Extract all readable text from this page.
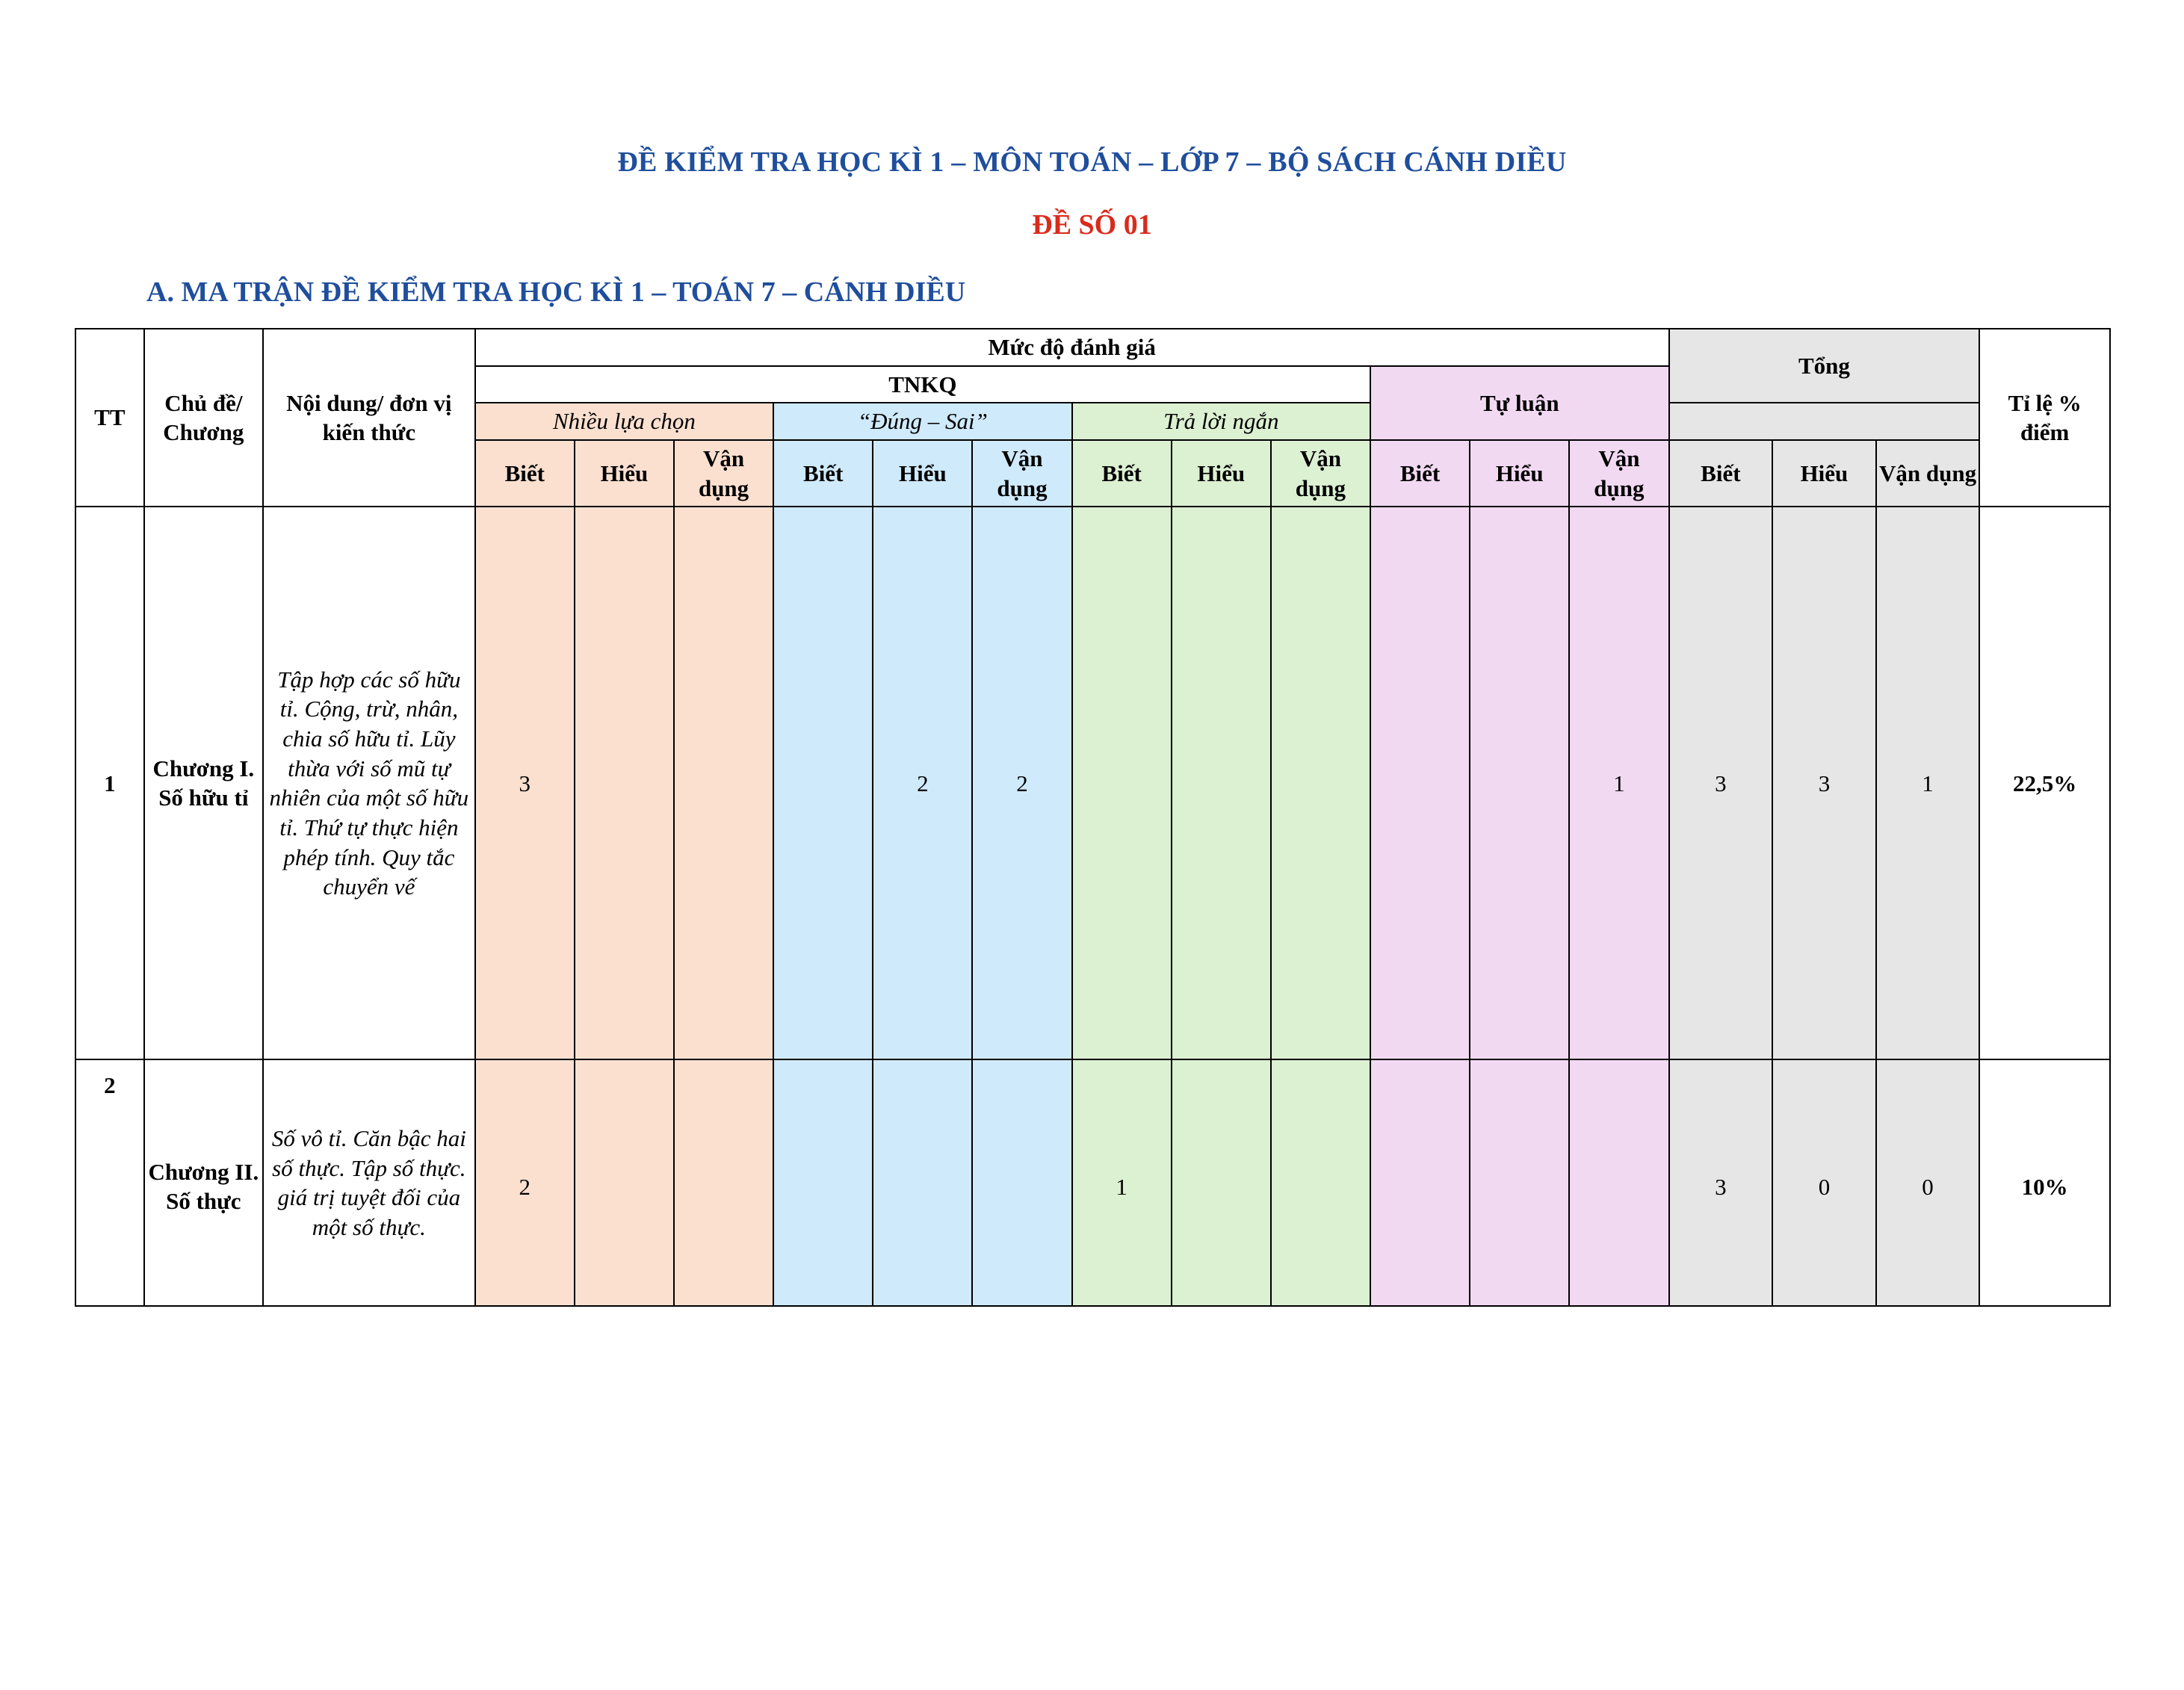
ĐỀ KIỂM TRA HỌC KÌ 1 – MÔN TOÁN – LỚP 7 – BỘ SÁCH CÁNH DIỀU
ĐỀ SỐ 01
A. MA TRẬN ĐỀ KIỂM TRA HỌC KÌ 1 – TOÁN 7 – CÁNH DIỀU
TT	Chủ đề/ Chương	Nội dung/ đơn vị kiến thức	Mức độ đánh giá												Tổng			Tỉ lệ % điểm
			TNKQ									Tự luận						
			Nhiều lựa chọn			“Đúng – Sai”			Trả lời ngắn									
			Biết	Hiểu	Vận dụng	Biết	Hiểu	Vận dụng	Biết	Hiểu	Vận dụng	Biết	Hiểu	Vận dụng	Biết	Hiểu	Vận dụng	
1	Chương I. Số hữu tỉ	Tập hợp các số hữu tỉ. Cộng, trừ, nhân, chia số hữu tỉ. Lũy thừa với số mũ tự nhiên của một số hữu tỉ. Thứ tự thực hiện phép tính. Quy tắc chuyển vế	3				2	2						1	3	3	1	22,5%
2	Chương II. Số thực	Số vô tỉ. Căn bậc hai số thực. Tập số thực. giá trị tuyệt đối của một số thực.	2						1						3	0	0	10%
